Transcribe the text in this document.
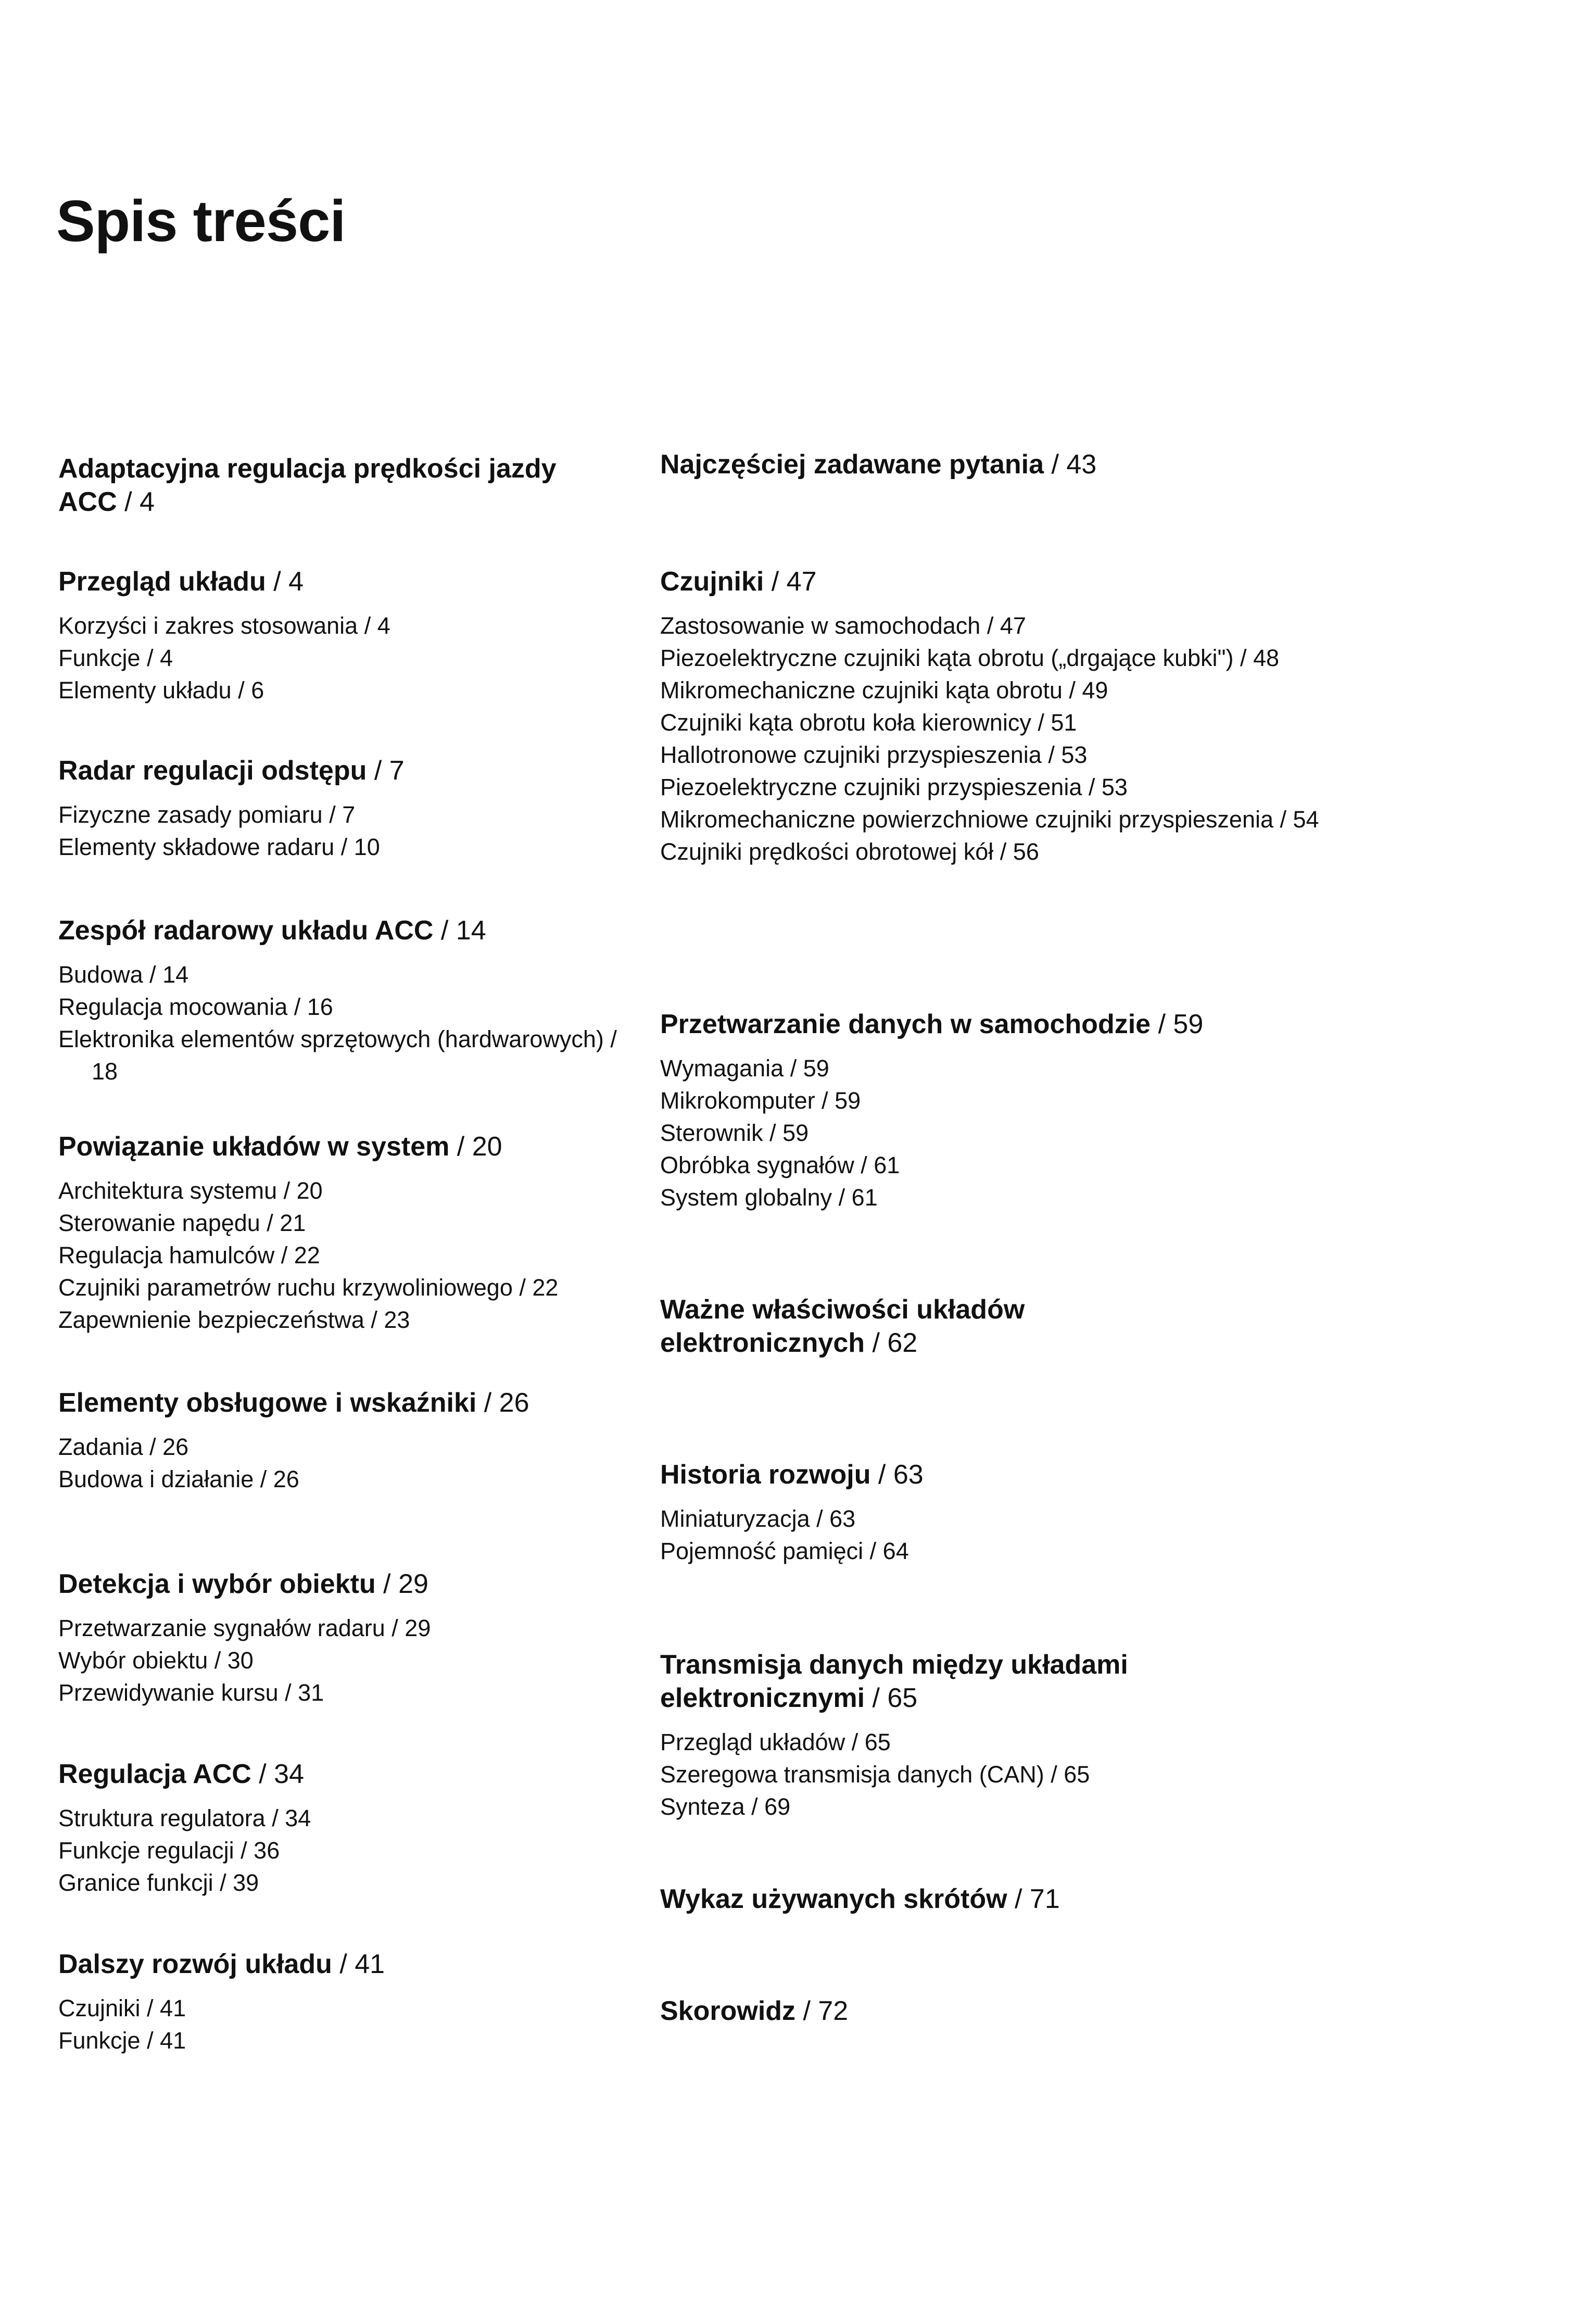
Spis treści
Adaptacyjna regulacja prędkości jazdy ACC / 4
Przegląd układu / 4
Korzyści i zakres stosowania / 4
Funkcje / 4
Elementy układu / 6
Radar regulacji odstępu / 7
Fizyczne zasady pomiaru / 7
Elementy składowe radaru / 10
Zespół radarowy układu ACC / 14
Budowa / 14
Regulacja mocowania / 16
Elektronika elementów sprzętowych (hardwarowych) / 18
Powiązanie układów w system / 20
Architektura systemu / 20
Sterowanie napędu / 21
Regulacja hamulców / 22
Czujniki parametrów ruchu krzywoliniowego / 22
Zapewnienie bezpieczeństwa / 23
Elementy obsługowe i wskaźniki / 26
Zadania / 26
Budowa i działanie / 26
Detekcja i wybór obiektu / 29
Przetwarzanie sygnałów radaru / 29
Wybór obiektu / 30
Przewidywanie kursu / 31
Regulacja ACC / 34
Struktura regulatora / 34
Funkcje regulacji / 36
Granice funkcji / 39
Dalszy rozwój układu / 41
Czujniki / 41
Funkcje / 41
Najczęściej zadawane pytania / 43
Czujniki / 47
Zastosowanie w samochodach / 47
Piezoelektryczne czujniki kąta obrotu („drgające kubki") / 48
Mikromechaniczne czujniki kąta obrotu / 49
Czujniki kąta obrotu koła kierownicy / 51
Hallotronowe czujniki przyspieszenia / 53
Piezoelektryczne czujniki przyspieszenia / 53
Mikromechaniczne powierzchniowe czujniki przyspieszenia / 54
Czujniki prędkości obrotowej kół / 56
Przetwarzanie danych w samochodzie / 59
Wymagania / 59
Mikrokomputer / 59
Sterownik / 59
Obróbka sygnałów / 61
System globalny / 61
Ważne właściwości układów elektronicznych / 62
Historia rozwoju / 63
Miniaturyzacja / 63
Pojemność pamięci / 64
Transmisja danych między układami elektronicznymi / 65
Przegląd układów / 65
Szeregowa transmisja danych (CAN) / 65
Synteza / 69
Wykaz używanych skrótów / 71
Skorowidz / 72
